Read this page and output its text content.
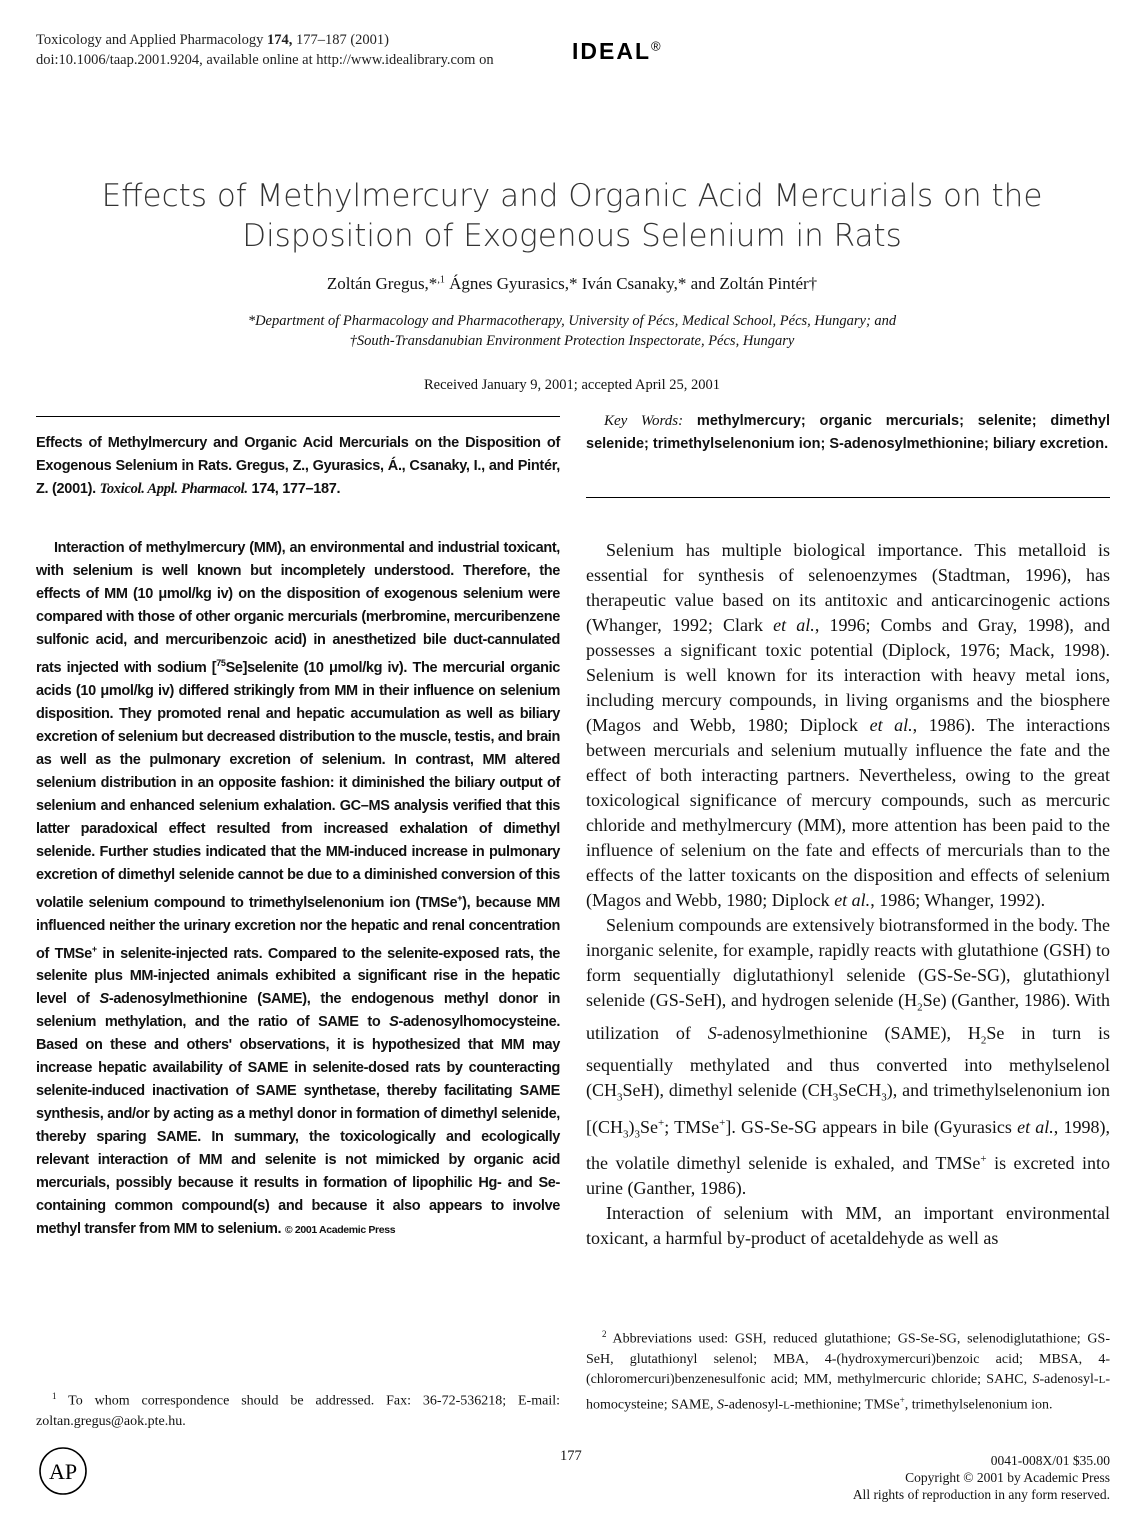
Toxicology and Applied Pharmacology 174, 177–187 (2001)
doi:10.1006/taap.2001.9204, available online at http://www.idealibrary.com on	IDEAL®
Effects of Methylmercury and Organic Acid Mercurials on the
Disposition of Exogenous Selenium in Rats
Zoltán Gregus,*$^{,1}$ Ágnes Gyurasics,* Iván Csanaky,* and Zoltán Pintér†
*Department of Pharmacology and Pharmacotherapy, University of Pécs, Medical School, Pécs, Hungary; and
†South-Transdanubian Environment Protection Inspectorate, Pécs, Hungary
Received January 9, 2001; accepted April 25, 2001
Effects of Methylmercury and Organic Acid Mercurials on the Disposition of Exogenous Selenium in Rats. Gregus, Z., Gyurasics, Á., Csanaky, I., and Pintér, Z. (2001). Toxicol. Appl. Pharmacol. 174, 177–187.
Interaction of methylmercury (MM), an environmental and industrial toxicant, with selenium is well known but incompletely understood. Therefore, the effects of MM (10 μmol/kg iv) on the disposition of exogenous selenium were compared with those of other organic mercurials (merbromine, mercuribenzene sulfonic acid, and mercuribenzoic acid) in anesthetized bile duct-cannulated rats injected with sodium [$^{75}$Se]selenite (10 μmol/kg iv). The mercurial organic acids (10 μmol/kg iv) differed strikingly from MM in their influence on selenium disposition. They promoted renal and hepatic accumulation as well as biliary excretion of selenium but decreased distribution to the muscle, testis, and brain as well as the pulmonary excretion of selenium. In contrast, MM altered selenium distribution in an opposite fashion: it diminished the biliary output of selenium and enhanced selenium exhalation. GC–MS analysis verified that this latter paradoxical effect resulted from increased exhalation of dimethyl selenide. Further studies indicated that the MM-induced increase in pulmonary excretion of dimethyl selenide cannot be due to a diminished conversion of this volatile selenium compound to trimethylselenonium ion (TMSe+), because MM influenced neither the urinary excretion nor the hepatic and renal concentration of TMSe+ in selenite-injected rats. Compared to the selenite-exposed rats, the selenite plus MM-injected animals exhibited a significant rise in the hepatic level of S-adenosylmethionine (SAME), the endogenous methyl donor in selenium methylation, and the ratio of SAME to S-adenosylhomocysteine. Based on these and others' observations, it is hypothesized that MM may increase hepatic availability of SAME in selenite-dosed rats by counteracting selenite-induced inactivation of SAME synthetase, thereby facilitating SAME synthesis, and/or by acting as a methyl donor in formation of dimethyl selenide, thereby sparing SAME. In summary, the toxicologically and ecologically relevant interaction of MM and selenite is not mimicked by organic acid mercurials, possibly because it results in formation of lipophilic Hg- and Se-containing common compound(s) and because it also appears to involve methyl transfer from MM to selenium. © 2001 Academic Press
Key Words: methylmercury; organic mercurials; selenite; dimethyl selenide; trimethylselenonium ion; S-adenosylmethionine; biliary excretion.

Selenium has multiple biological importance. This metalloid is essential for synthesis of selenoenzymes (Stadtman, 1996), has therapeutic value based on its antitoxic and anticarcinogenic actions (Whanger, 1992; Clark et al., 1996; Combs and Gray, 1998), and possesses a significant toxic potential (Diplock, 1976; Mack, 1998). Selenium is well known for its interaction with heavy metal ions, including mercury compounds, in living organisms and the biosphere (Magos and Webb, 1980; Diplock et al., 1986). The interactions between mercurials and selenium mutually influence the fate and the effect of both interacting partners. Nevertheless, owing to the great toxicological significance of mercury compounds, such as mercuric chloride and methylmercury (MM), more attention has been paid to the influence of selenium on the fate and effects of mercurials than to the effects of the latter toxicants on the disposition and effects of selenium (Magos and Webb, 1980; Diplock et al., 1986; Whanger, 1992).

Selenium compounds are extensively biotransformed in the body. The inorganic selenite, for example, rapidly reacts with glutathione (GSH) to form sequentially diglutathionyl selenide (GS-Se-SG), glutathionyl selenide (GS-SeH), and hydrogen selenide $(H_2Se)$ (Ganther, 1986). With utilization of S-adenosylmethionine (SAME), $H_2Se$ in turn is sequentially methylated and thus converted into methylselenol $(CH_3SeH)$, dimethyl selenide $(CH_3SeCH_3)$, and trimethylselenonium ion [$(CH_3)_3Se^+$; TMSe+]. GS-Se-SG appears in bile (Gyurasics et al., 1998), the volatile dimethyl selenide is exhaled, and TMSe+ is excreted into urine (Ganther, 1986).

Interaction of selenium with MM, an important environmental toxicant, a harmful by-product of acetaldehyde as well as

$^2$ Abbreviations used: GSH, reduced glutathione; GS-Se-SG, selenodiglutathione; GS-SeH, glutathionyl selenol; MBA, 4-(hydroxymercuri)benzoic acid; MBSA, 4-(chloromercuri)benzenesulfonic acid; MM, methylmercuric chloride; SAHC, S-adenosyl-L-homocysteine; SAME, S-adenosyl-L-methionine; TMSe+, trimethylselenonium ion.
$^1$ To whom correspondence should be addressed. Fax: 36-72-536218; E-mail: zoltan.gregus@aok.pte.hu.
AP
177	0041-008X/01 $35.00
Copyright © 2001 by Academic Press
All rights of reproduction in any form reserved.
